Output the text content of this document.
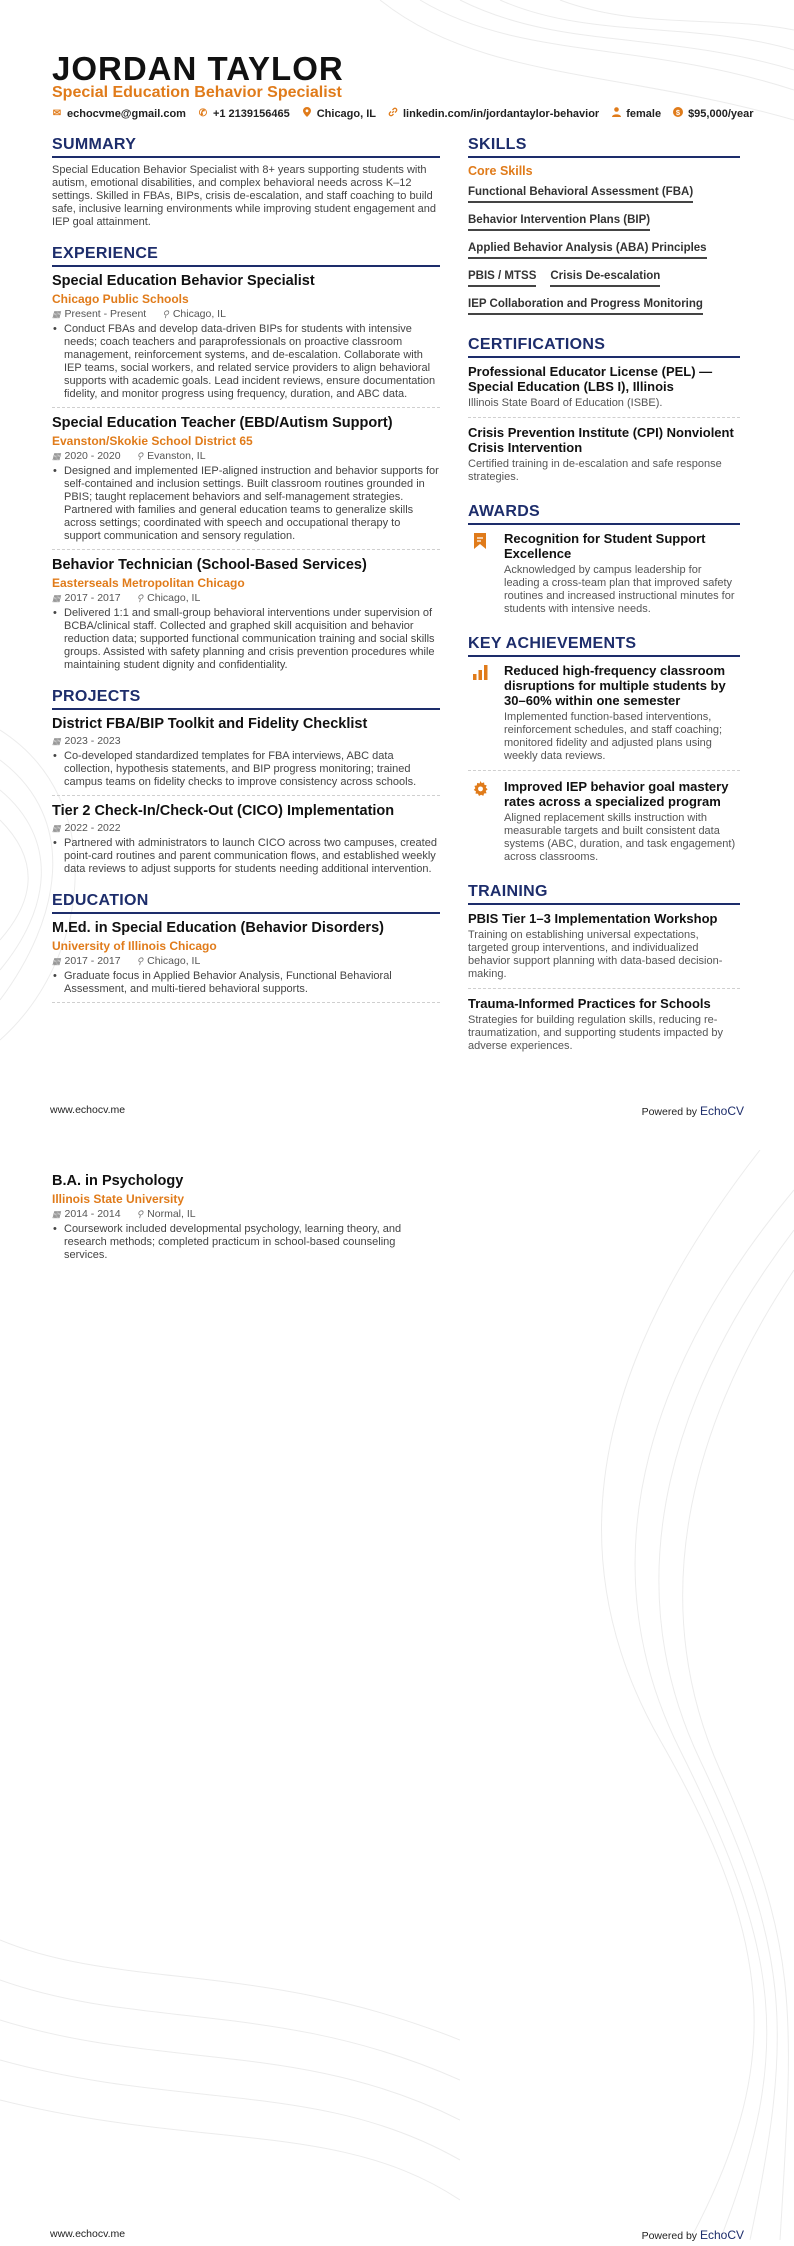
JORDAN TAYLOR
Special Education Behavior Specialist
✉ echocvme@gmail.com ✆ +1 2139156465 Chicago, IL linkedin.com/in/jordantaylor-behavior female $ $95,000/year
SUMMARY
Special Education Behavior Specialist with 8+ years supporting students with autism, emotional disabilities, and complex behavioral needs across K–12 settings. Skilled in FBAs, BIPs, crisis de-escalation, and staff coaching to build safe, inclusive learning environments while improving student engagement and IEP goal attainment.
EXPERIENCE
Special Education Behavior Specialist
Chicago Public Schools
▦ Present - Present ⚲ Chicago, IL
• Conduct FBAs and develop data-driven BIPs for students with intensive needs; coach teachers and paraprofessionals on proactive classroom management, reinforcement systems, and de-escalation. Collaborate with IEP teams, social workers, and related service providers to align behavioral supports with academic goals. Lead incident reviews, ensure documentation fidelity, and monitor progress using frequency, duration, and ABC data.
Special Education Teacher (EBD/Autism Support)
Evanston/Skokie School District 65
▦ 2020 - 2020 ⚲ Evanston, IL
• Designed and implemented IEP-aligned instruction and behavior supports for self-contained and inclusion settings. Built classroom routines grounded in PBIS; taught replacement behaviors and self-management strategies. Partnered with families and general education teams to generalize skills across settings; coordinated with speech and occupational therapy to support communication and sensory regulation.
Behavior Technician (School-Based Services)
Easterseals Metropolitan Chicago
▦ 2017 - 2017 ⚲ Chicago, IL
• Delivered 1:1 and small-group behavioral interventions under supervision of BCBA/clinical staff. Collected and graphed skill acquisition and behavior reduction data; supported functional communication training and social skills groups. Assisted with safety planning and crisis prevention procedures while maintaining student dignity and confidentiality.
PROJECTS
District FBA/BIP Toolkit and Fidelity Checklist
▦ 2023 - 2023
• Co-developed standardized templates for FBA interviews, ABC data collection, hypothesis statements, and BIP progress monitoring; trained campus teams on fidelity checks to improve consistency across schools.
Tier 2 Check-In/Check-Out (CICO) Implementation
▦ 2022 - 2022
• Partnered with administrators to launch CICO across two campuses, created point-card routines and parent communication flows, and established weekly data reviews to adjust supports for students needing additional intervention.
EDUCATION
M.Ed. in Special Education (Behavior Disorders)
University of Illinois Chicago
▦ 2017 - 2017 ⚲ Chicago, IL
• Graduate focus in Applied Behavior Analysis, Functional Behavioral Assessment, and multi-tiered behavioral supports.
SKILLS
Core Skills
Functional Behavioral Assessment (FBA)
Behavior Intervention Plans (BIP)
Applied Behavior Analysis (ABA) Principles
PBIS / MTSS Crisis De-escalation
IEP Collaboration and Progress Monitoring
CERTIFICATIONS
Professional Educator License (PEL) — Special Education (LBS I), Illinois
Illinois State Board of Education (ISBE).
Crisis Prevention Institute (CPI) Nonviolent Crisis Intervention
Certified training in de-escalation and safe response strategies.
AWARDS
Recognition for Student Support Excellence
Acknowledged by campus leadership for leading a cross-team plan that improved safety routines and increased instructional minutes for students with intensive needs.
KEY ACHIEVEMENTS
Reduced high-frequency classroom disruptions for multiple students by 30–60% within one semester
Implemented function-based interventions, reinforcement schedules, and staff coaching; monitored fidelity and adjusted plans using weekly data reviews.
Improved IEP behavior goal mastery rates across a specialized program
Aligned replacement skills instruction with measurable targets and built consistent data systems (ABC, duration, and task engagement) across classrooms.
TRAINING
PBIS Tier 1–3 Implementation Workshop
Training on establishing universal expectations, targeted group interventions, and individualized behavior support planning with data-based decision-making.
Trauma-Informed Practices for Schools
Strategies for building regulation skills, reducing re-traumatization, and supporting students impacted by adverse experiences.
www.echocv.me	Powered by EchoCV
B.A. in Psychology
Illinois State University
▦ 2014 - 2014 ⚲ Normal, IL
• Coursework included developmental psychology, learning theory, and research methods; completed practicum in school-based counseling services.
www.echocv.me	Powered by EchoCV
